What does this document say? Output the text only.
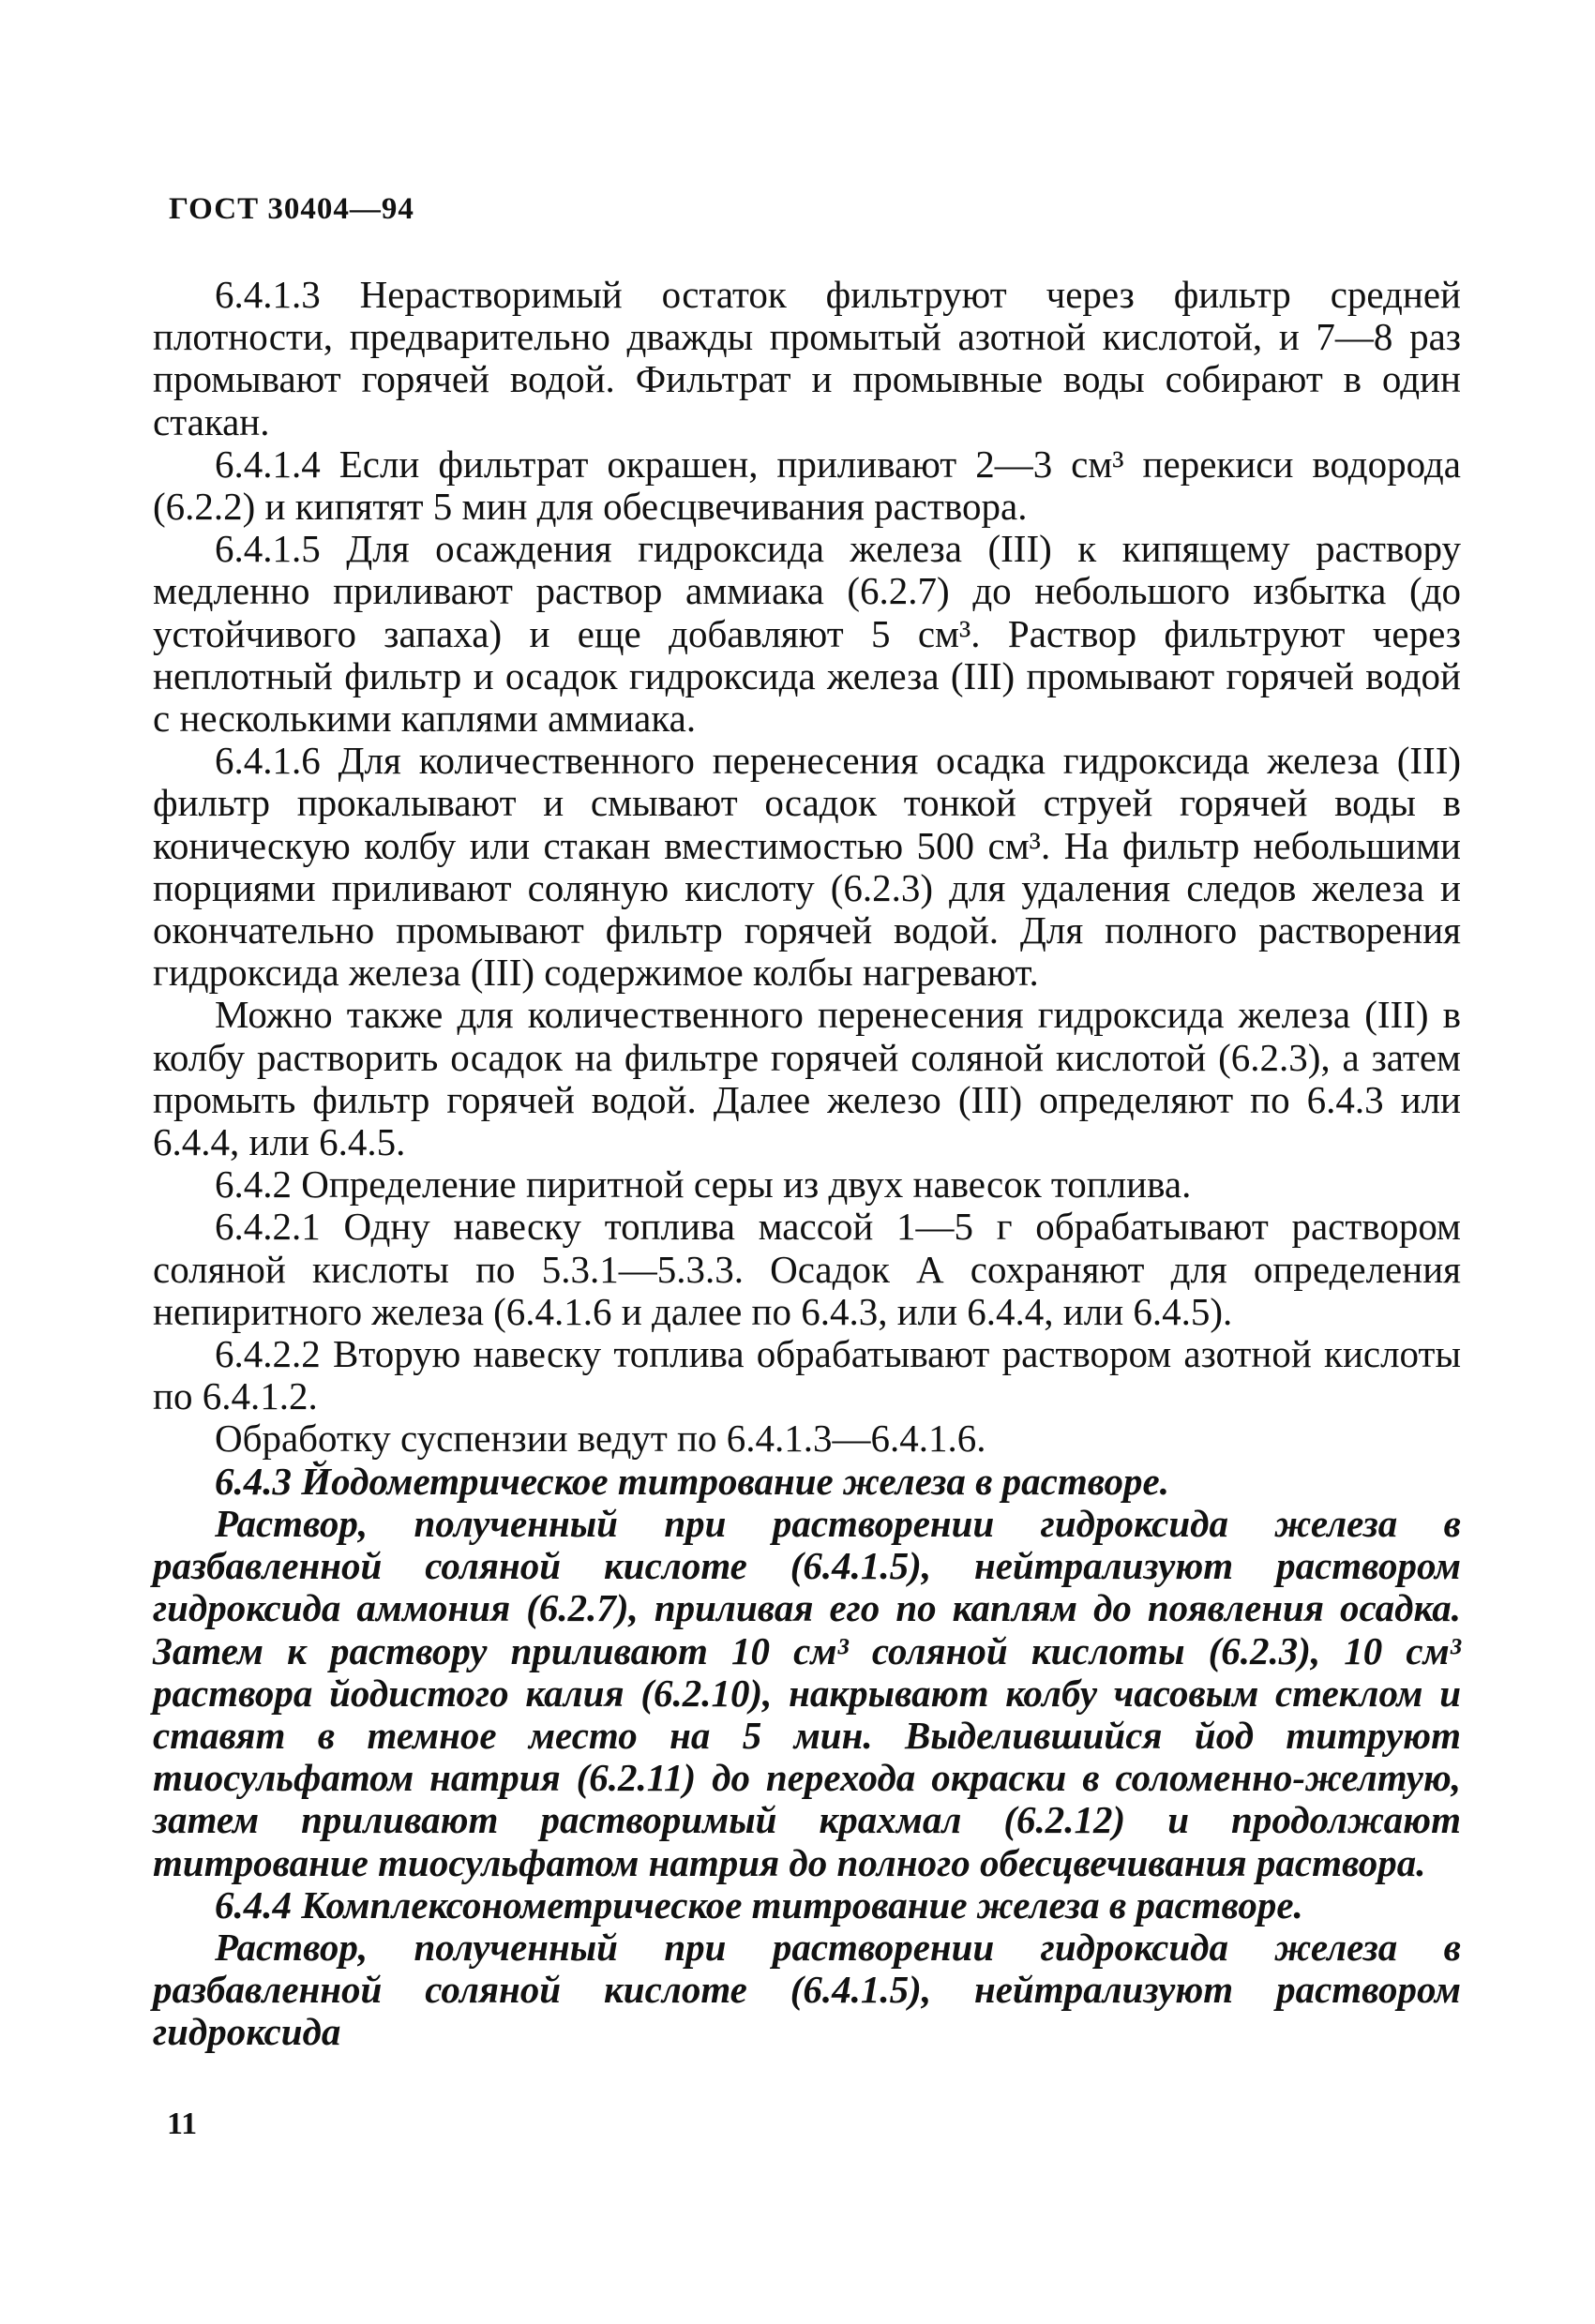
ГОСТ 30404—94

6.4.1.3 Нерастворимый остаток фильтруют через фильтр средней плотности, предварительно дважды промытый азотной кислотой, и 7—8 раз промывают горячей водой. Фильтрат и промывные воды собирают в один стакан.

6.4.1.4 Если фильтрат окрашен, приливают 2—3 см³ перекиси водорода (6.2.2) и кипятят 5 мин для обесцвечивания раствора.

6.4.1.5 Для осаждения гидроксида железа (III) к кипящему раствору медленно приливают раствор аммиака (6.2.7) до небольшого избытка (до устойчивого запаха) и еще добавляют 5 см³. Раствор фильтруют через неплотный фильтр и осадок гидроксида железа (III) промывают горячей водой с несколькими каплями аммиака.

6.4.1.6 Для количественного перенесения осадка гидроксида железа (III) фильтр прокалывают и смывают осадок тонкой струей горячей воды в коническую колбу или стакан вместимостью 500 см³. На фильтр небольшими порциями приливают соляную кислоту (6.2.3) для удаления следов железа и окончательно промывают фильтр горячей водой. Для полного растворения гидроксида железа (III) содержимое колбы нагревают.

Можно также для количественного перенесения гидроксида железа (III) в колбу растворить осадок на фильтре горячей соляной кислотой (6.2.3), а затем промыть фильтр горячей водой. Далее железо (III) определяют по 6.4.3 или 6.4.4, или 6.4.5.

6.4.2 Определение пиритной серы из двух навесок топлива.

6.4.2.1 Одну навеску топлива массой 1—5 г обрабатывают раствором соляной кислоты по 5.3.1—5.3.3. Осадок А сохраняют для определения непиритного железа (6.4.1.6 и далее по 6.4.3, или 6.4.4, или 6.4.5).

6.4.2.2 Вторую навеску топлива обрабатывают раствором азотной кислоты по 6.4.1.2.

Обработку суспензии ведут по 6.4.1.3—6.4.1.6.

6.4.3 Йодометрическое титрование железа в растворе.

Раствор, полученный при растворении гидроксида железа в разбавленной соляной кислоте (6.4.1.5), нейтрализуют раствором гидроксида аммония (6.2.7), приливая его по каплям до появления осадка. Затем к раствору приливают 10 см³ соляной кислоты (6.2.3), 10 см³ раствора йодистого калия (6.2.10), накрывают колбу часовым стеклом и ставят в темное место на 5 мин. Выделившийся йод титруют тиосульфатом натрия (6.2.11) до перехода окраски в соломенно-желтую, затем приливают растворимый крахмал (6.2.12) и продолжают титрование тиосульфатом натрия до полного обесцвечивания раствора.

6.4.4 Комплексонометрическое титрование железа в растворе.

Раствор, полученный при растворении гидроксида железа в разбавленной соляной кислоте (6.4.1.5), нейтрализуют раствором гидроксида

11
